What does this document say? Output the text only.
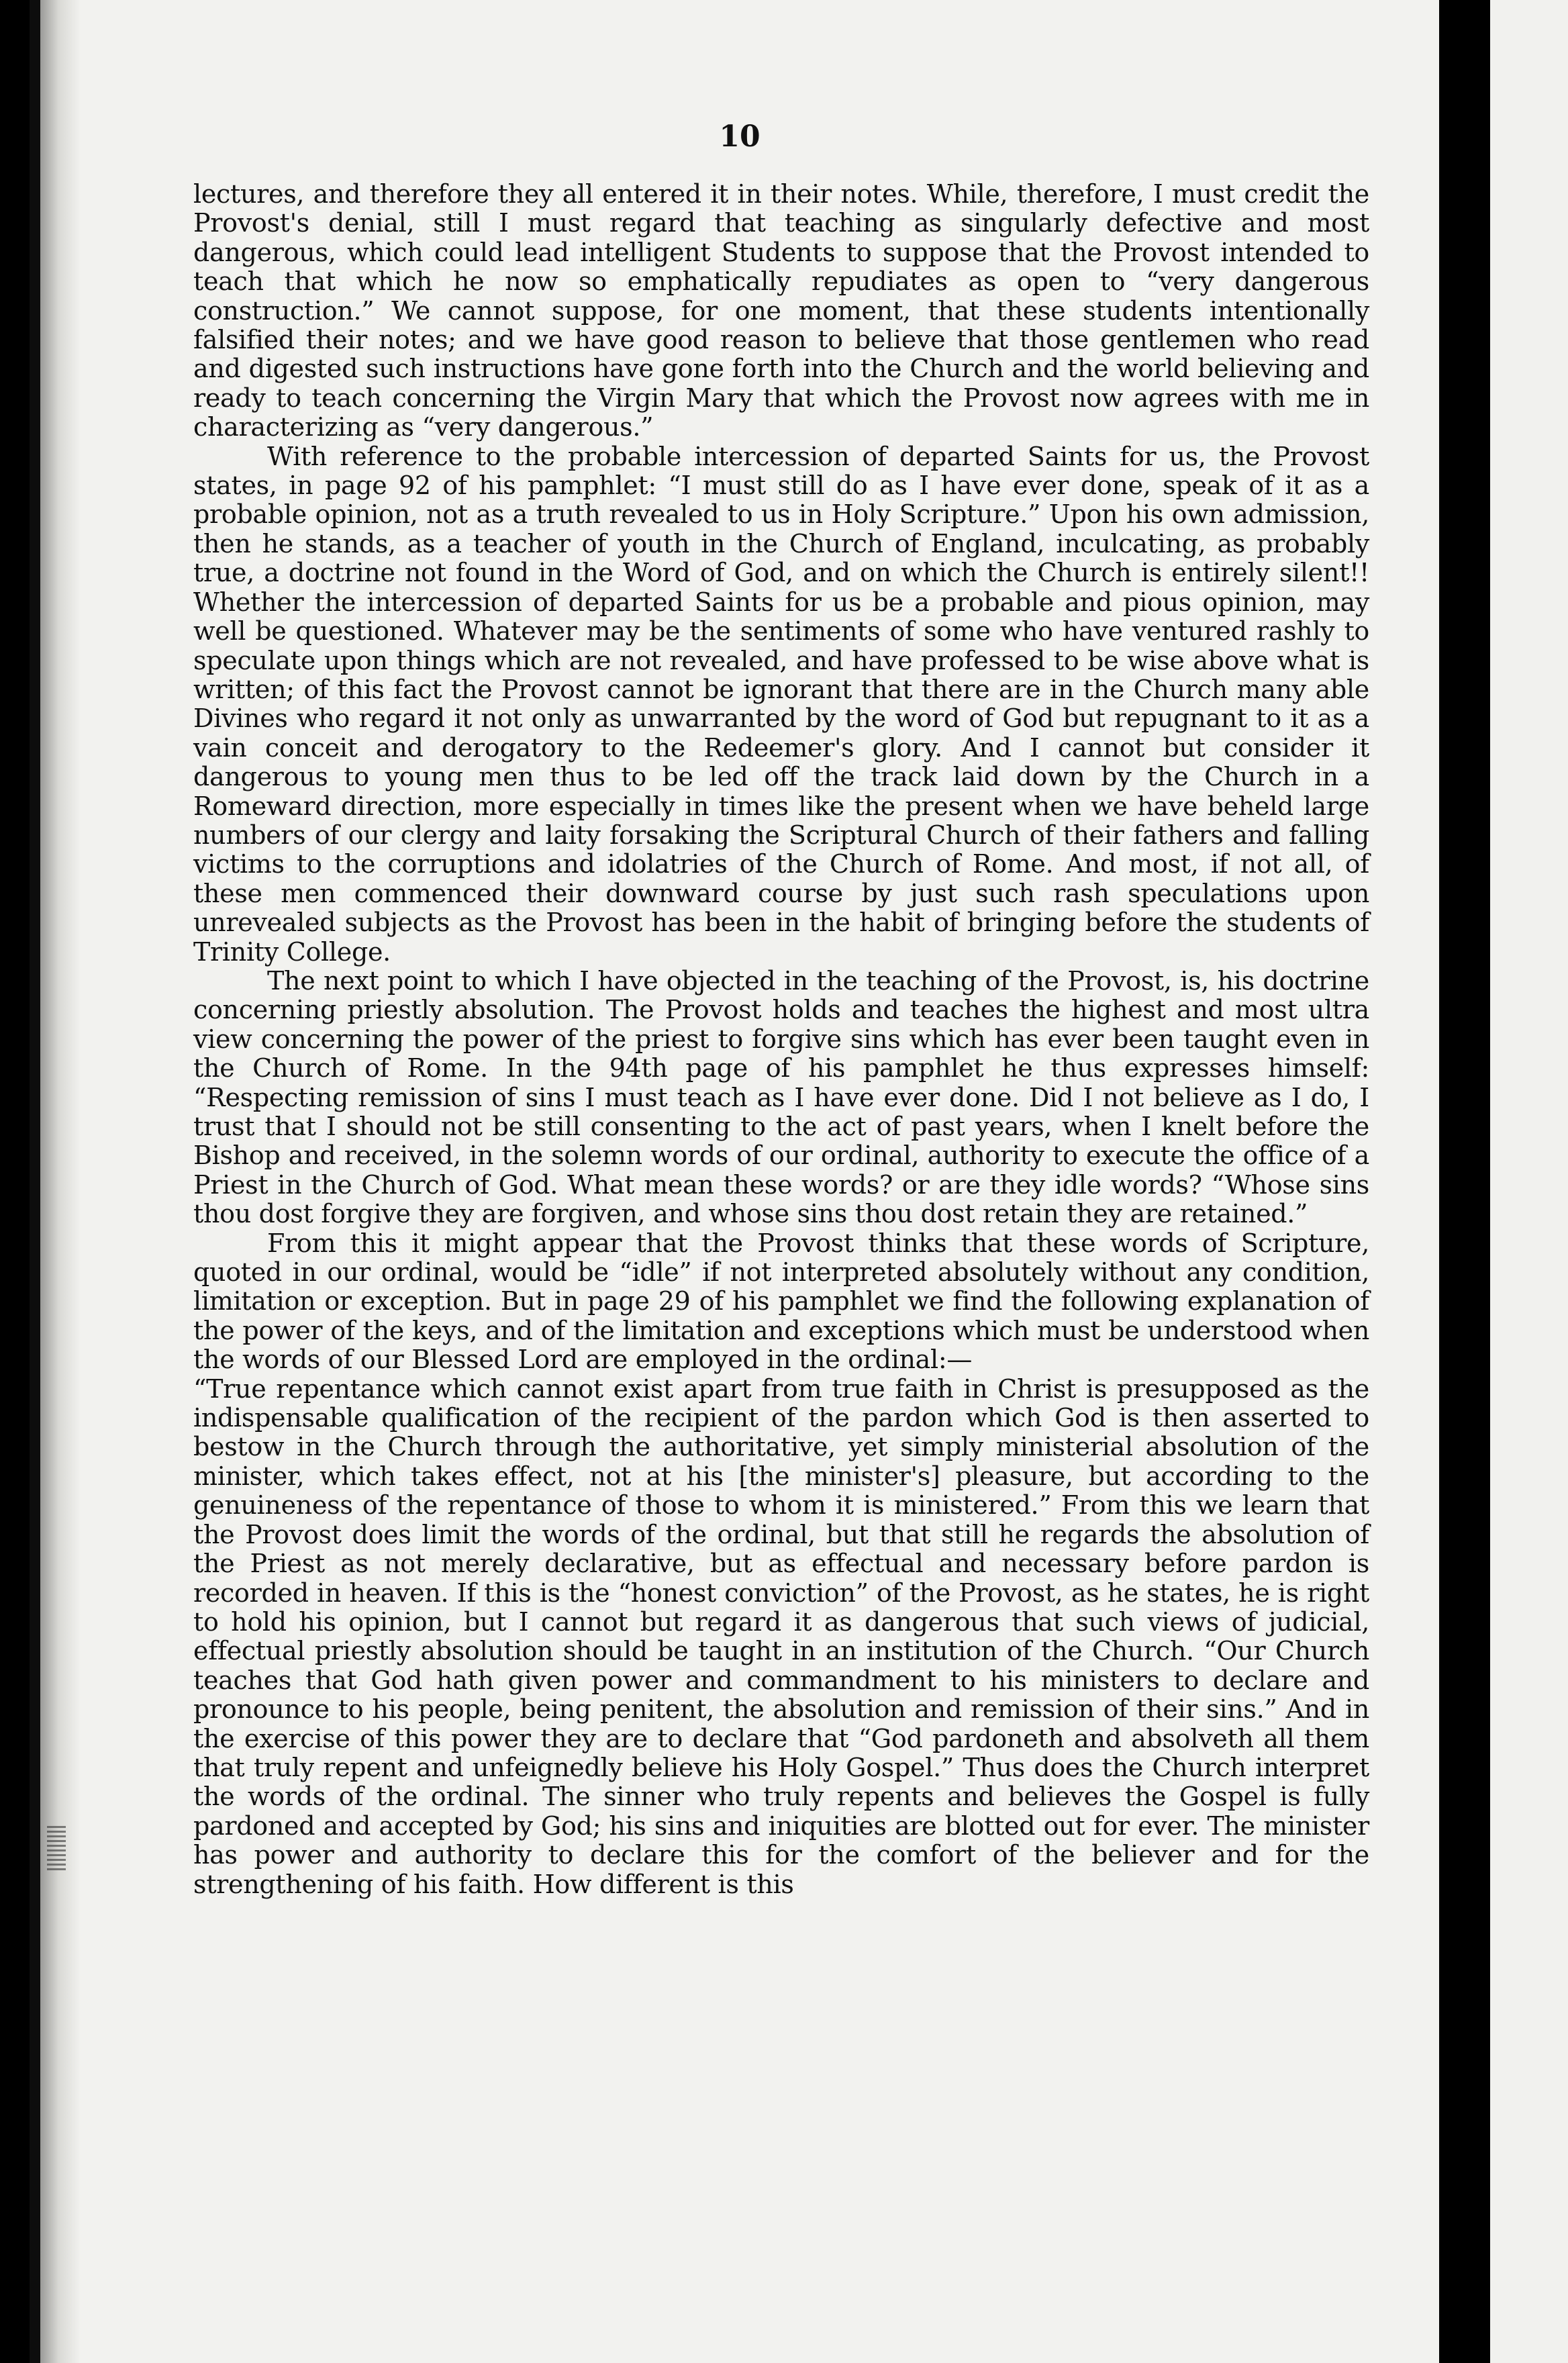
10

lectures, and therefore they all entered it in their notes. While, therefore, I must credit the Provost's denial, still I must regard that teaching as singularly defective and most dangerous, which could lead intelligent Students to suppose that the Provost intended to teach that which he now so emphatically repudiates as open to “very dangerous construction.” We cannot suppose, for one moment, that these students intentionally falsified their notes; and we have good reason to believe that those gentlemen who read and digested such instructions have gone forth into the Church and the world believing and ready to teach concerning the Virgin Mary that which the Provost now agrees with me in characterizing as “very dangerous.”

With reference to the probable intercession of departed Saints for us, the Provost states, in page 92 of his pamphlet: “I must still do as I have ever done, speak of it as a probable opinion, not as a truth revealed to us in Holy Scripture.” Upon his own admission, then he stands, as a teacher of youth in the Church of England, inculcating, as probably true, a doctrine not found in the Word of God, and on which the Church is entirely silent!! Whether the intercession of departed Saints for us be a probable and pious opinion, may well be questioned. Whatever may be the sentiments of some who have ventured rashly to speculate upon things which are not revealed, and have professed to be wise above what is written; of this fact the Provost cannot be ignorant that there are in the Church many able Divines who regard it not only as unwarranted by the word of God but repugnant to it as a vain conceit and derogatory to the Redeemer's glory. And I cannot but consider it dangerous to young men thus to be led off the track laid down by the Church in a Romeward direction, more especially in times like the present when we have beheld large numbers of our clergy and laity forsaking the Scriptural Church of their fathers and falling victims to the corruptions and idolatries of the Church of Rome. And most, if not all, of these men commenced their downward course by just such rash speculations upon unrevealed subjects as the Provost has been in the habit of bringing before the students of Trinity College.

The next point to which I have objected in the teaching of the Provost, is, his doctrine concerning priestly absolution. The Provost holds and teaches the highest and most ultra view concerning the power of the priest to forgive sins which has ever been taught even in the Church of Rome. In the 94th page of his pamphlet he thus expresses himself: “Respecting remission of sins I must teach as I have ever done. Did I not believe as I do, I trust that I should not be still consenting to the act of past years, when I knelt before the Bishop and received, in the solemn words of our ordinal, authority to execute the office of a Priest in the Church of God. What mean these words? or are they idle words? “Whose sins thou dost forgive they are forgiven, and whose sins thou dost retain they are retained.”

From this it might appear that the Provost thinks that these words of Scripture, quoted in our ordinal, would be “idle” if not interpreted absolutely without any condition, limitation or exception. But in page 29 of his pamphlet we find the following explanation of the power of the keys, and of the limitation and exceptions which must be understood when the words of our Blessed Lord are employed in the ordinal:—

“True repentance which cannot exist apart from true faith in Christ is presupposed as the indispensable qualification of the recipient of the pardon which God is then asserted to bestow in the Church through the authoritative, yet simply ministerial absolution of the minister, which takes effect, not at his [the minister's] pleasure, but according to the genuineness of the repentance of those to whom it is ministered.” From this we learn that the Provost does limit the words of the ordinal, but that still he regards the absolution of the Priest as not merely declarative, but as effectual and necessary before pardon is recorded in heaven. If this is the “honest conviction” of the Provost, as he states, he is right to hold his opinion, but I cannot but regard it as dangerous that such views of judicial, effectual priestly absolution should be taught in an institution of the Church. “Our Church teaches that God hath given power and commandment to his ministers to declare and pronounce to his people, being penitent, the absolution and remission of their sins.” And in the exercise of this power they are to declare that “God pardoneth and absolveth all them that truly repent and unfeignedly believe his Holy Gospel.” Thus does the Church interpret the words of the ordinal. The sinner who truly repents and believes the Gospel is fully pardoned and accepted by God; his sins and iniquities are blotted out for ever. The minister has power and authority to declare this for the comfort of the believer and for the strengthening of his faith. How different is this
